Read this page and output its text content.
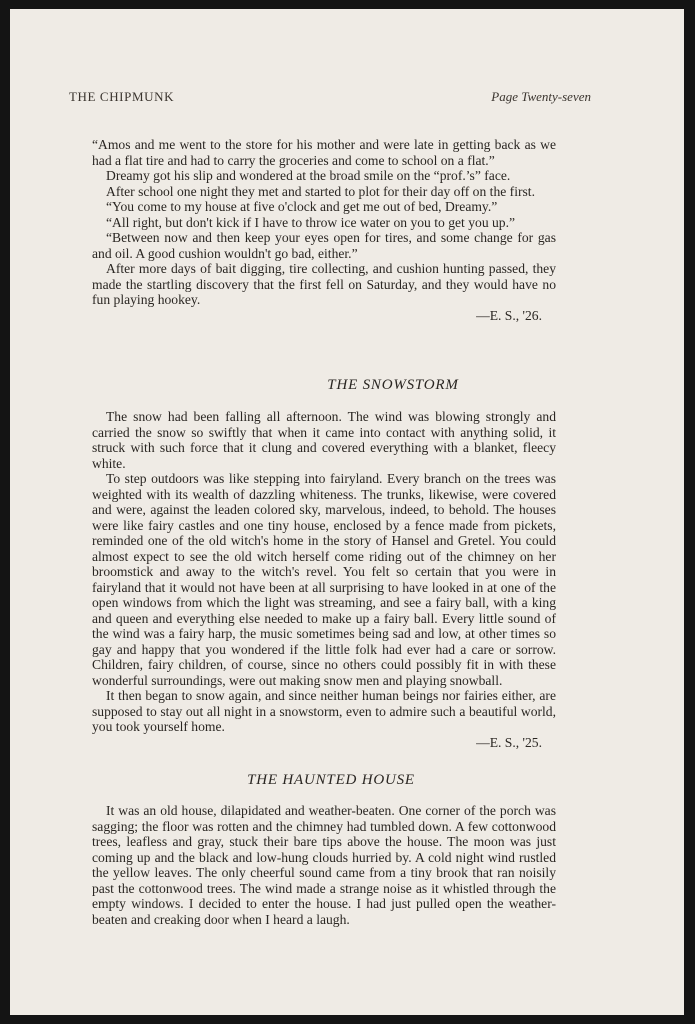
THE CHIPMUNK	Page Twenty-seven

“Amos and me went to the store for his mother and were late in getting back as we had a flat tire and had to carry the groceries and come to school on a flat.”

Dreamy got his slip and wondered at the broad smile on the “prof.’s” face.

After school one night they met and started to plot for their day off on the first.

“You come to my house at five o'clock and get me out of bed, Dreamy.”

“All right, but don't kick if I have to throw ice water on you to get you up.”

“Between now and then keep your eyes open for tires, and some change for gas and oil. A good cushion wouldn't go bad, either.”

After more days of bait digging, tire collecting, and cushion hunting passed, they made the startling discovery that the first fell on Saturday, and they would have no fun playing hookey.

—E. S., '26.

THE SNOWSTORM

The snow had been falling all afternoon. The wind was blowing strongly and carried the snow so swiftly that when it came into contact with anything solid, it struck with such force that it clung and covered everything with a blanket, fleecy white.

To step outdoors was like stepping into fairyland. Every branch on the trees was weighted with its wealth of dazzling whiteness. The trunks, likewise, were covered and were, against the leaden colored sky, marvelous, indeed, to behold. The houses were like fairy castles and one tiny house, enclosed by a fence made from pickets, reminded one of the old witch's home in the story of Hansel and Gretel. You could almost expect to see the old witch herself come riding out of the chimney on her broomstick and away to the witch's revel. You felt so certain that you were in fairyland that it would not have been at all surprising to have looked in at one of the open windows from which the light was streaming, and see a fairy ball, with a king and queen and everything else needed to make up a fairy ball. Every little sound of the wind was a fairy harp, the music sometimes being sad and low, at other times so gay and happy that you wondered if the little folk had ever had a care or sorrow. Children, fairy children, of course, since no others could possibly fit in with these wonderful surroundings, were out making snow men and playing snowball.

It then began to snow again, and since neither human beings nor fairies either, are supposed to stay out all night in a snowstorm, even to admire such a beautiful world, you took yourself home.

—E. S., '25.

THE HAUNTED HOUSE

It was an old house, dilapidated and weather-beaten. One corner of the porch was sagging; the floor was rotten and the chimney had tumbled down. A few cottonwood trees, leafless and gray, stuck their bare tips above the house. The moon was just coming up and the black and low-hung clouds hurried by. A cold night wind rustled the yellow leaves. The only cheerful sound came from a tiny brook that ran noisily past the cottonwood trees. The wind made a strange noise as it whistled through the empty windows. I decided to enter the house. I had just pulled open the weather-beaten and creaking door when I heard a laugh.
